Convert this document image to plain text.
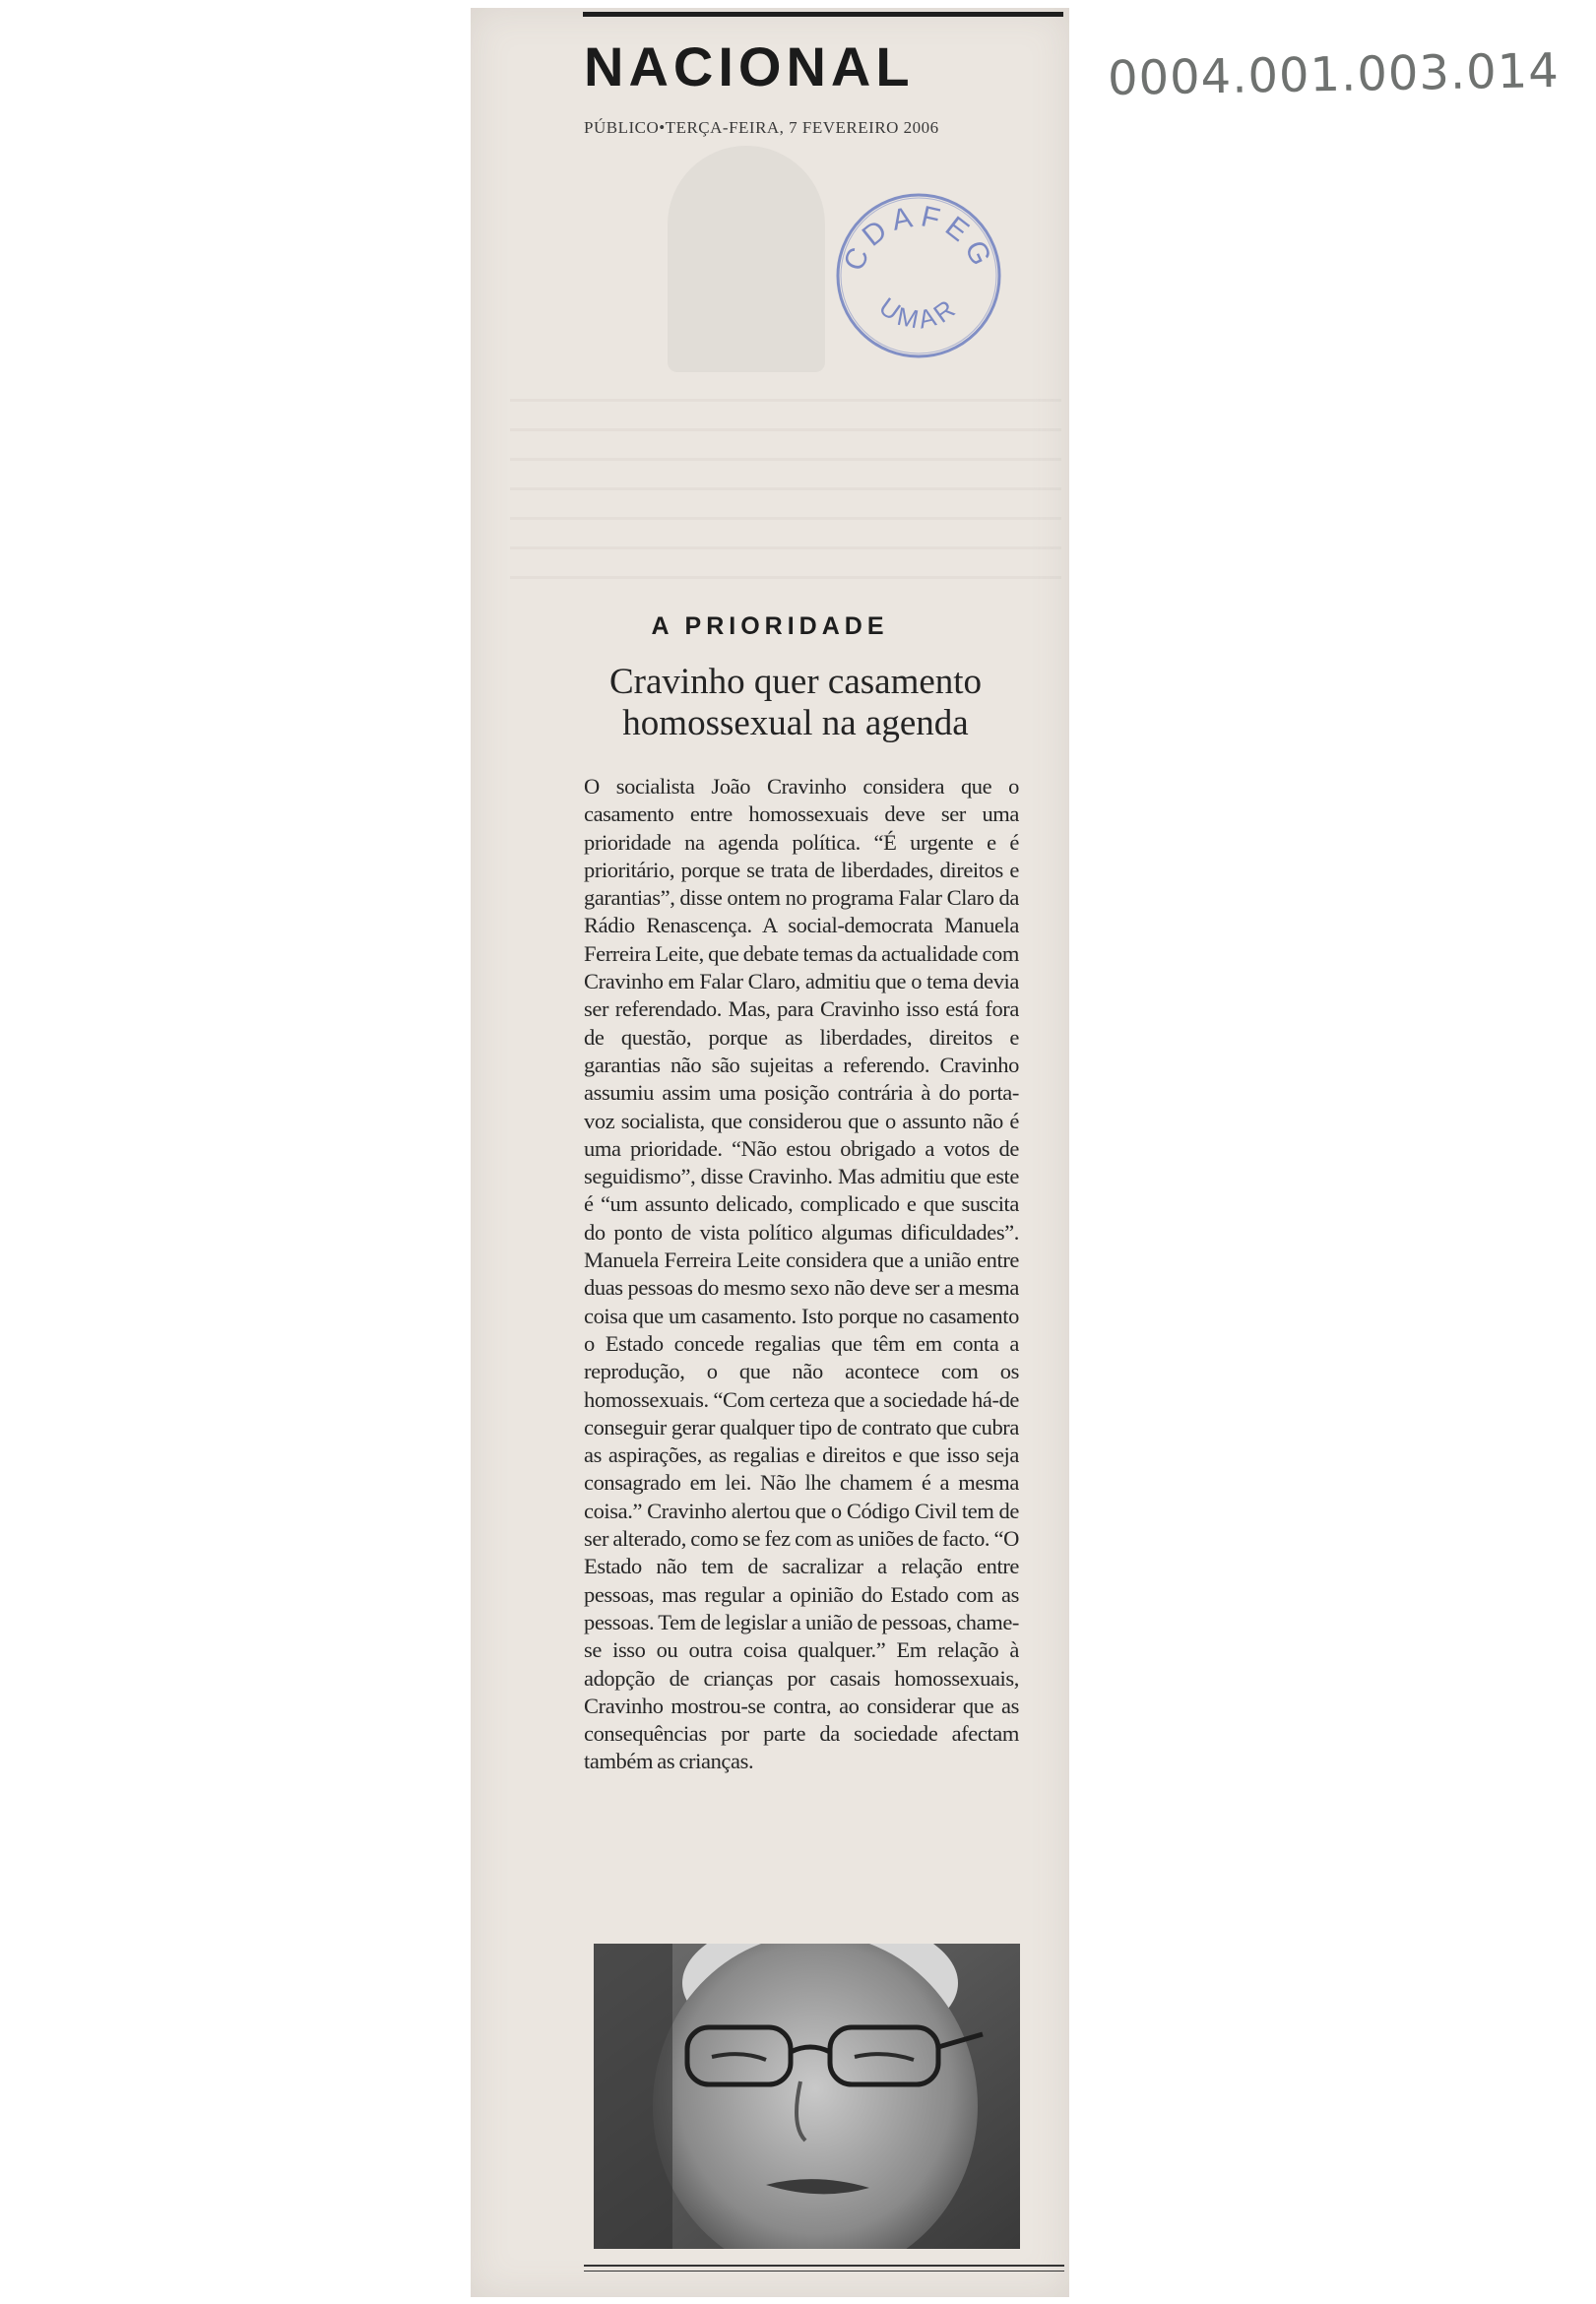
NACIONAL
PÚBLICO•TERÇA-FEIRA, 7 FEVEREIRO 2006
0004.001.003.014
CDAFEG
UMAR
A PRIORIDADE
Cravinho quer casamento
homossexual na agenda
O socialista João Cravinho considera que o casamento entre homossexuais deve ser uma prioridade na agenda política. “É urgente e é prioritário, porque se trata de liberdades, direitos e garantias”, disse ontem no programa Falar Claro da Rádio Renascença. A social-democrata Manuela Ferreira Leite, que debate temas da actualidade com Cravinho em Falar Claro, admitiu que o tema devia ser referendado. Mas, para Cravinho isso está fora de questão, porque as liberdades, direitos e garantias não são sujeitas a referendo. Cravinho assumiu assim uma posição contrária à do porta-voz socialista, que considerou que o assunto não é uma prioridade. “Não estou obrigado a votos de seguidismo”, disse Cravinho. Mas admitiu que este é “um assunto delicado, complicado e que suscita do ponto de vista político algumas dificuldades”. Manuela Ferreira Leite considera que a união entre duas pessoas do mesmo sexo não deve ser a mesma coisa que um casamento. Isto porque no casamento o Estado concede regalias que têm em conta a reprodução, o que não acontece com os homossexuais. “Com certeza que a sociedade há-de conseguir gerar qualquer tipo de contrato que cubra as aspirações, as regalias e direitos e que isso seja consagrado em lei. Não lhe chamem é a mesma coisa.” Cravinho alertou que o Código Civil tem de ser alterado, como se fez com as uniões de facto. “O Estado não tem de sacralizar a relação entre pessoas, mas regular a opinião do Estado com as pessoas. Tem de legislar a união de pessoas, chame-se isso ou outra coisa qualquer.” Em relação à adopção de crianças por casais homossexuais, Cravinho mostrou-se contra, ao considerar que as consequências por parte da sociedade afectam também as crianças.
